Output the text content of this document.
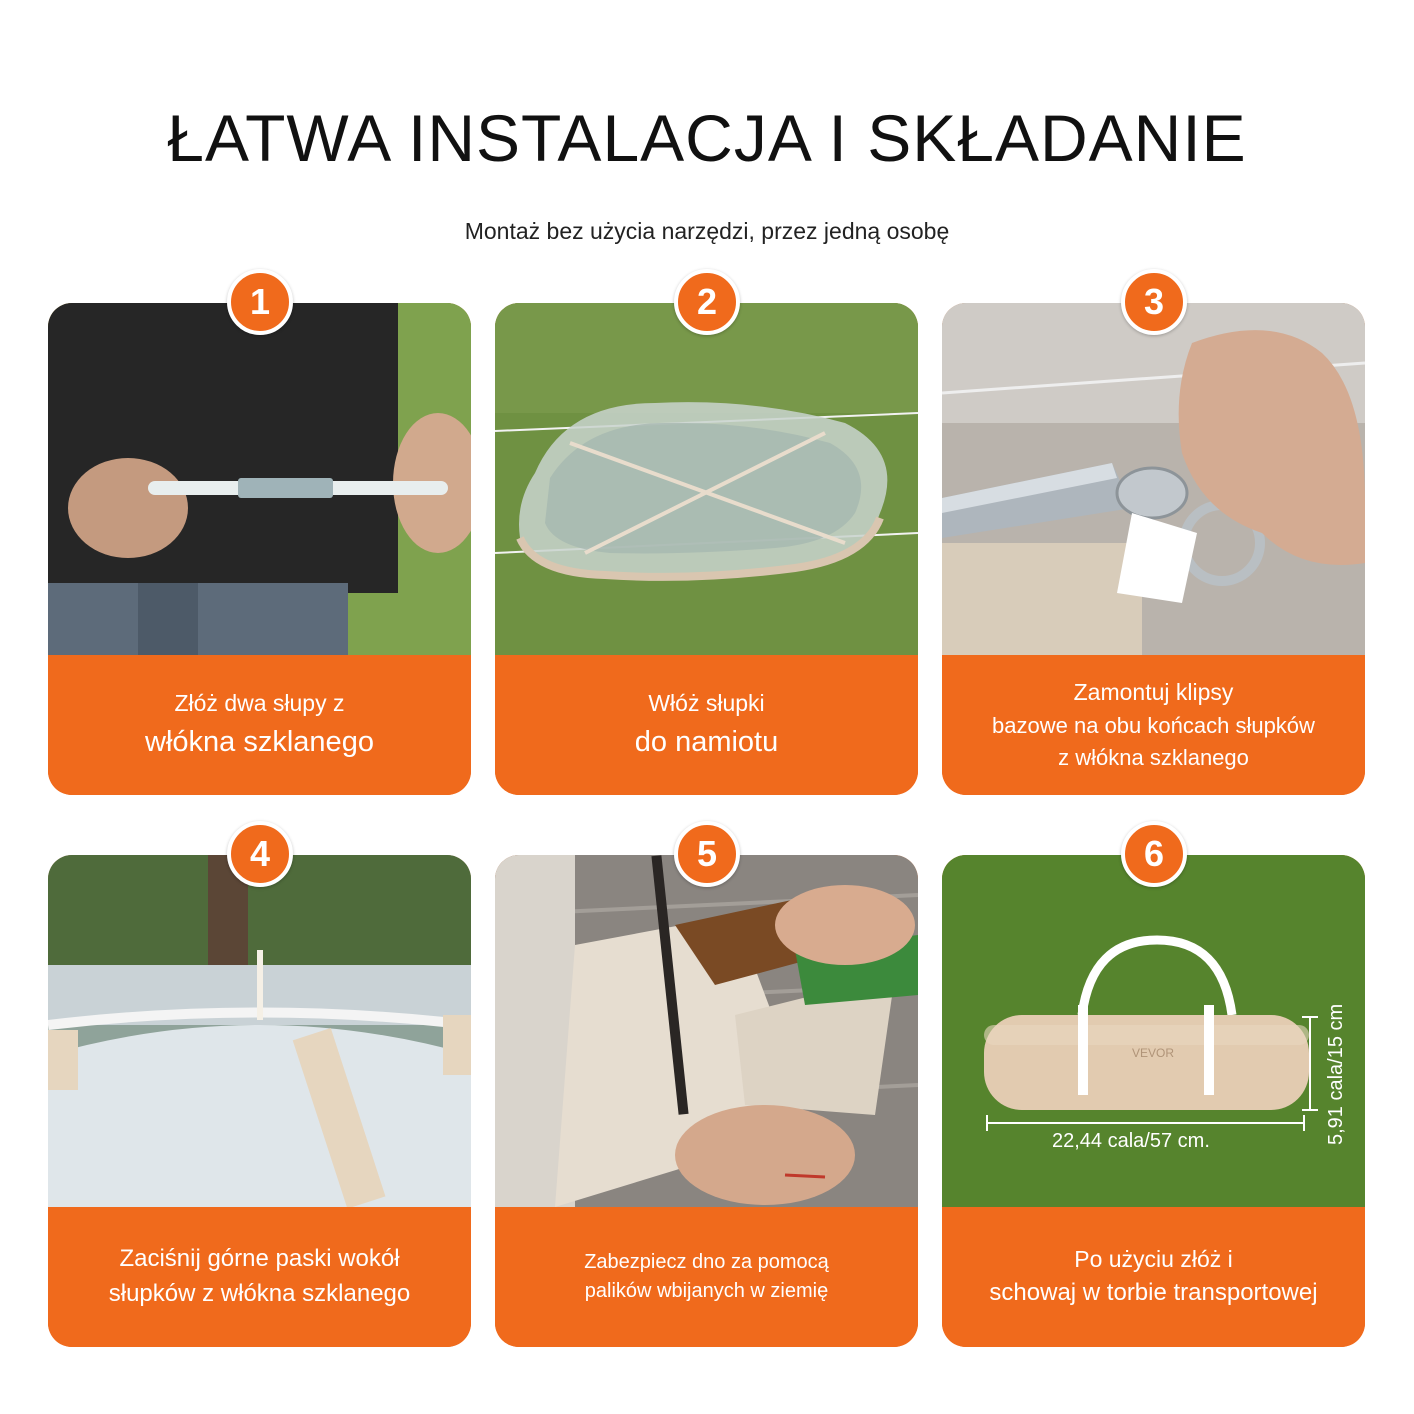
ŁATWA INSTALACJA I SKŁADANIE
Montaż bez użycia narzędzi, przez jedną osobę
Złóż dwa słupy z
włókna szklanego
1
Włóż słupki
do namiotu
2
Zamontuj klipsy
bazowe na obu końcach słupków
z włókna szklanego
3
Zaciśnij górne paski wokół
słupków z włókna szklanego
4
Zabezpiecz dno za pomocą
palików wbijanych w ziemię
5
VEVOR
22,44 cala/57 cm.	5,91 cala/15 cm
Po użyciu złóż i
schowaj w torbie transportowej
6
